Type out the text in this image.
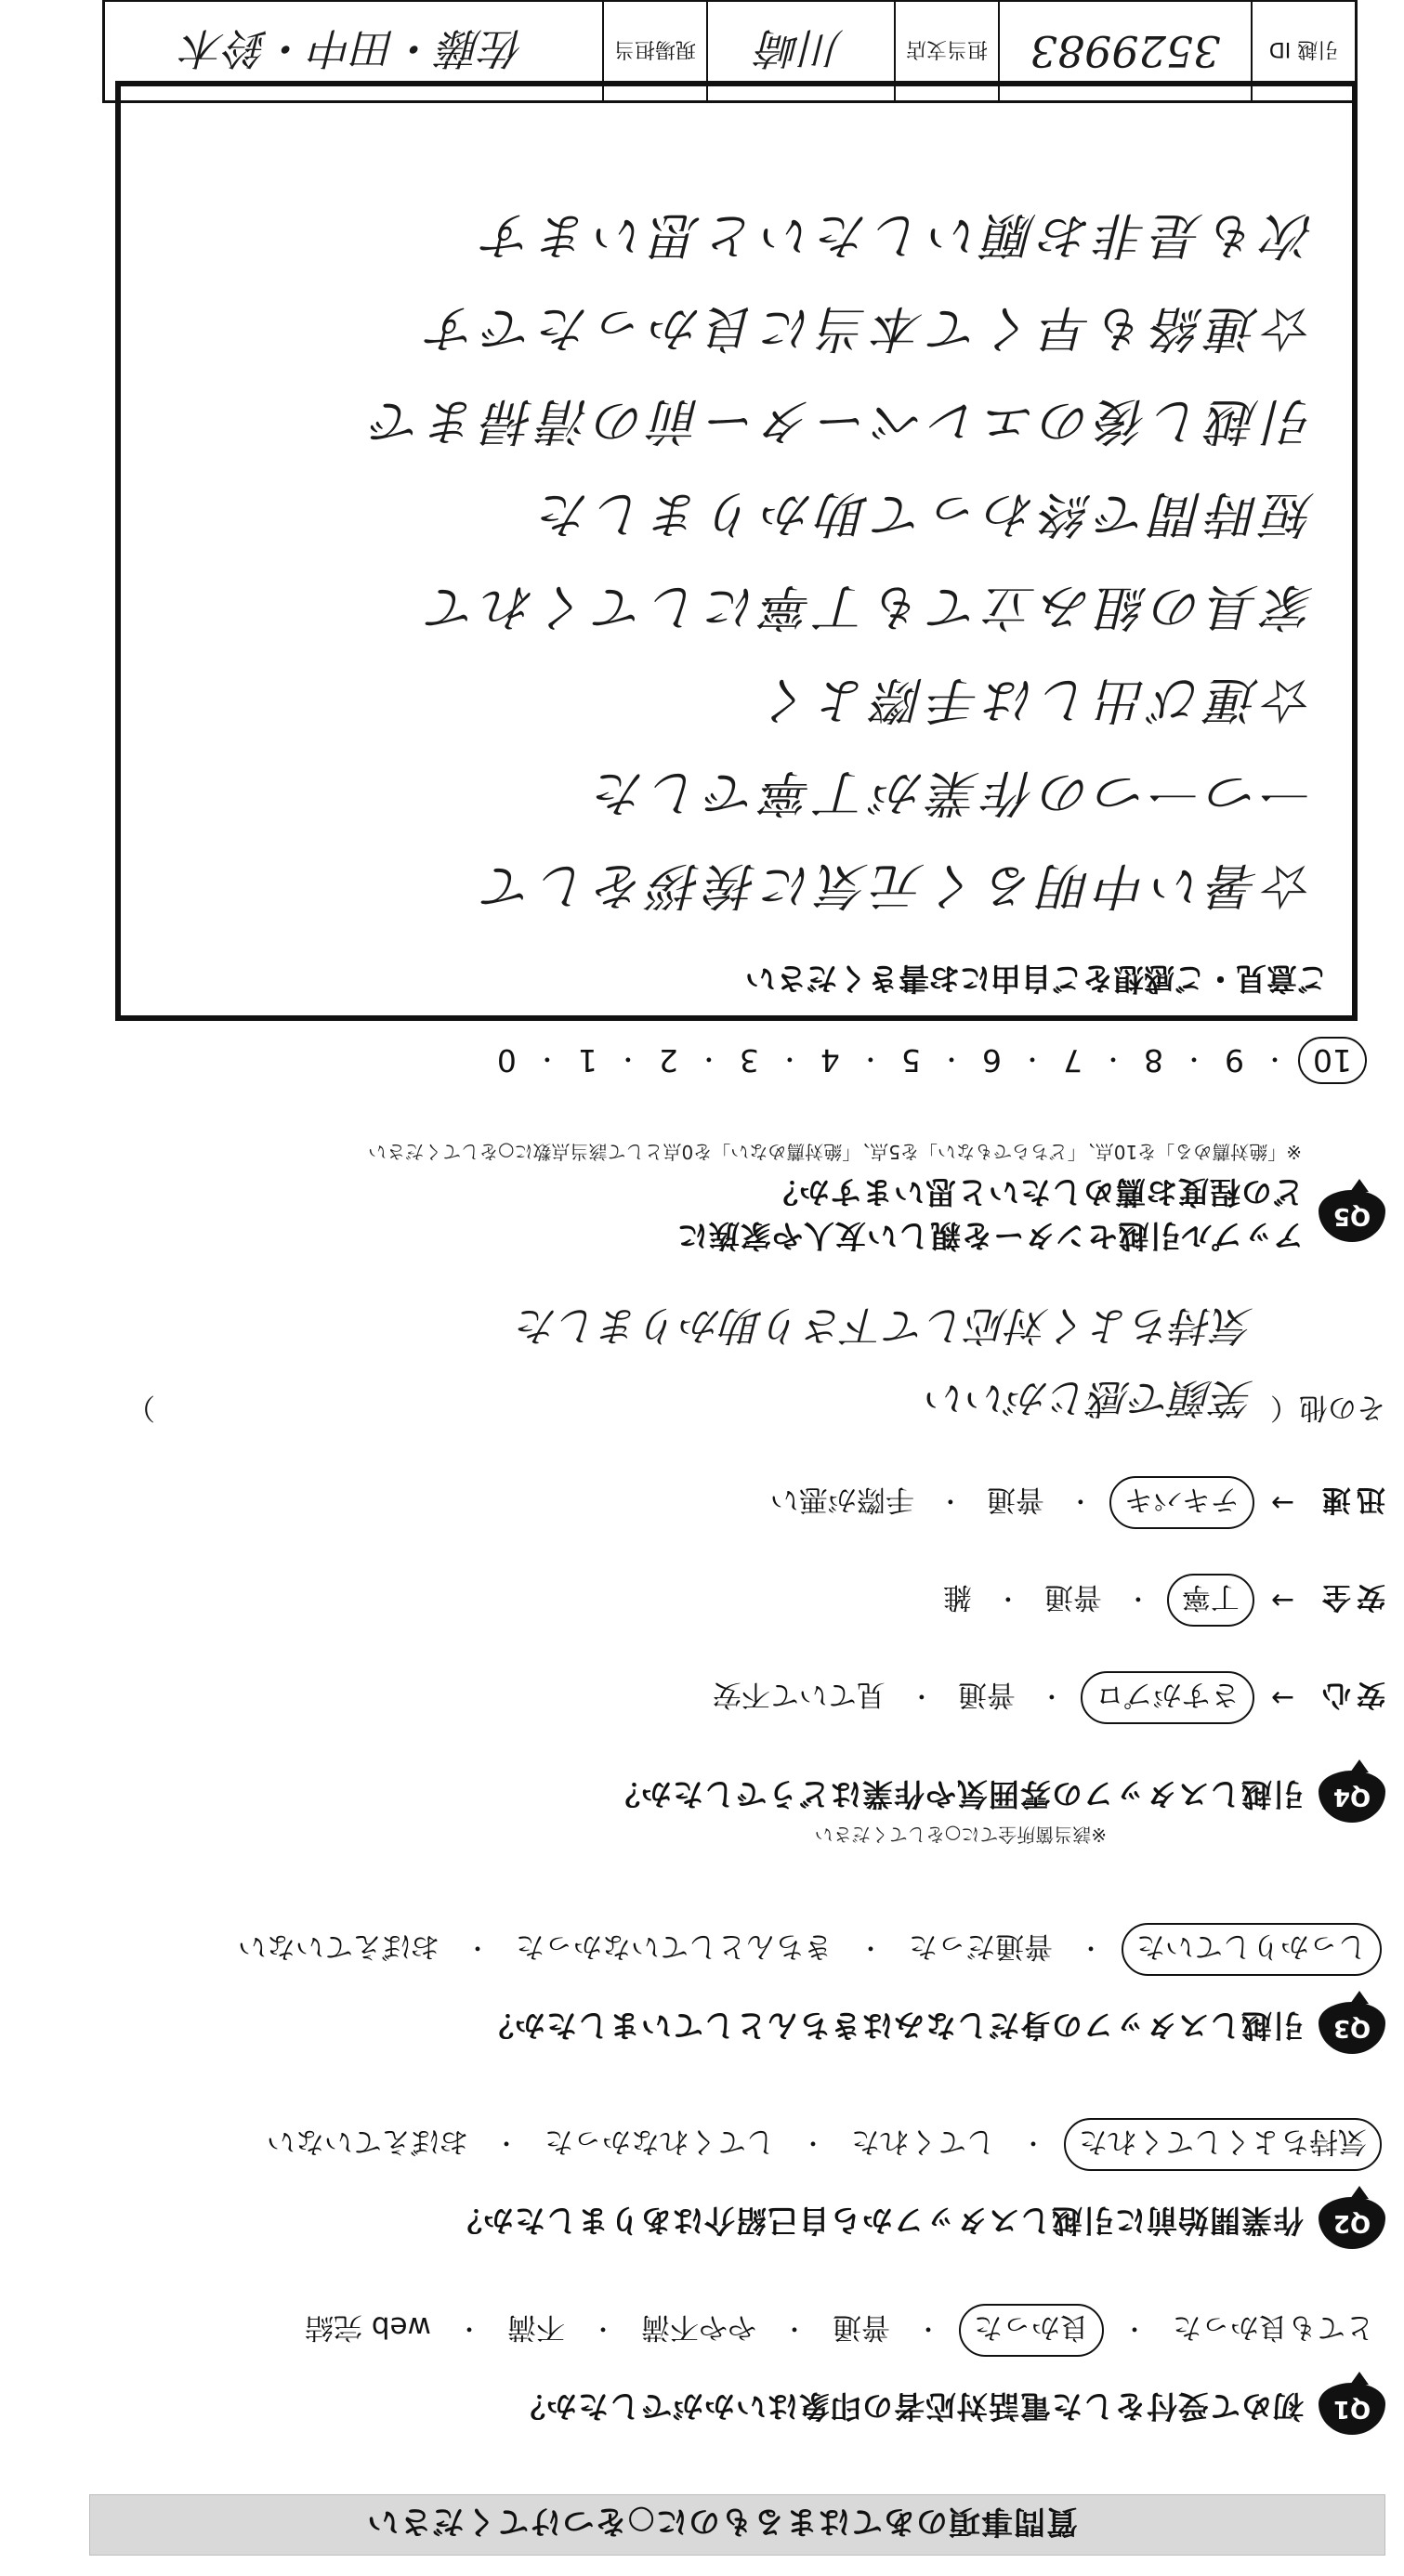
質問事項のあてはまるものに○をつけてください
Q1
初めて受付をした電話対応者の印象はいかがでしたか？
とても良かった
・
良かった
・
普通
・
やや不満
・
不満
・
web 完結
Q2
作業開始前に引越しスタッフから自己紹介はありましたか？
気持ちよくしてくれた
・
してくれた
・
してくれなかった
・
おぼえていない
Q3
引越しスタッフの身だしなみはきちんとしていましたか？
しっかりしていた
・
普通だった
・
きちんとしていなかった
・
おぼえていない
※該当箇所全てに○をしてください
Q4
引越しスタッフの雰囲気や作業はどうでしたか？
安心
→
さすがプロ
・
普通
・
見ていて不安
安全
→
丁寧
・
普通
・
雑
迅速
→
テキパキ
・
普通
・
手際が悪い
その他（
笑顔で感じがいい
気持ちよく対応して下さり助かりました
）
Q5
アップル引越センターを親しい友人や家族に
どの程度お薦めしたいと思いますか？
※「絶対薦める」を10点、「どちらでもない」を5点、「絶対薦めない」を0点として該当点数に○をしてください
10
・
9
・
8
・
7
・
6
・
5
・
4
・
3
・
2
・
1
・
0
ご意見・ご感想をご自由にお書きください
☆暑い中明るく元気に挨拶をして
一つ一つの作業が丁寧でした
☆運び出しは手際よく
家具の組み立ても丁寧にしてくれて
短時間で終わって助かりました
引越し後のエレベーター前の清掃まで
☆連絡も早くて本当に良かったです
次も是非お願いしたいと思います
引越 ID
3529983
担当支店
川崎
現場担当
佐藤・田中・鈴木
